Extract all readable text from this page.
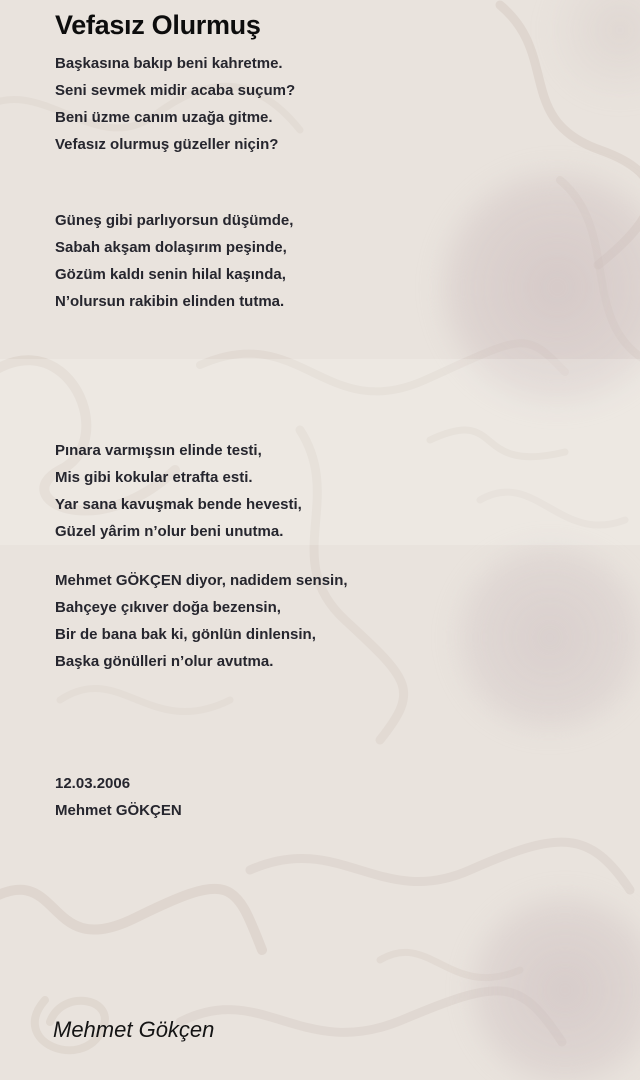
Vefasız Olurmuş
Başkasına bakıp beni kahretme.
Seni sevmek midir acaba suçum?
Beni üzme canım uzağa gitme.
Vefasız olurmuş güzeller niçin?
Güneş gibi parlıyorsun düşümde,
Sabah akşam dolaşırım peşinde,
Gözüm kaldı senin hilal kaşında,
N’olursun rakibin elinden tutma.
Pınara varmışsın elinde testi,
Mis gibi kokular etrafta esti.
Yar sana kavuşmak bende hevesti,
Güzel yârim n’olur beni unutma.
Mehmet GÖKÇEN diyor, nadidem sensin,
Bahçeye çıkıver doğa bezensin,
Bir de bana bak ki, gönlün dinlensin,
Başka gönülleri n’olur avutma.
12.03.2006
Mehmet GÖKÇEN
Mehmet Gökçen
